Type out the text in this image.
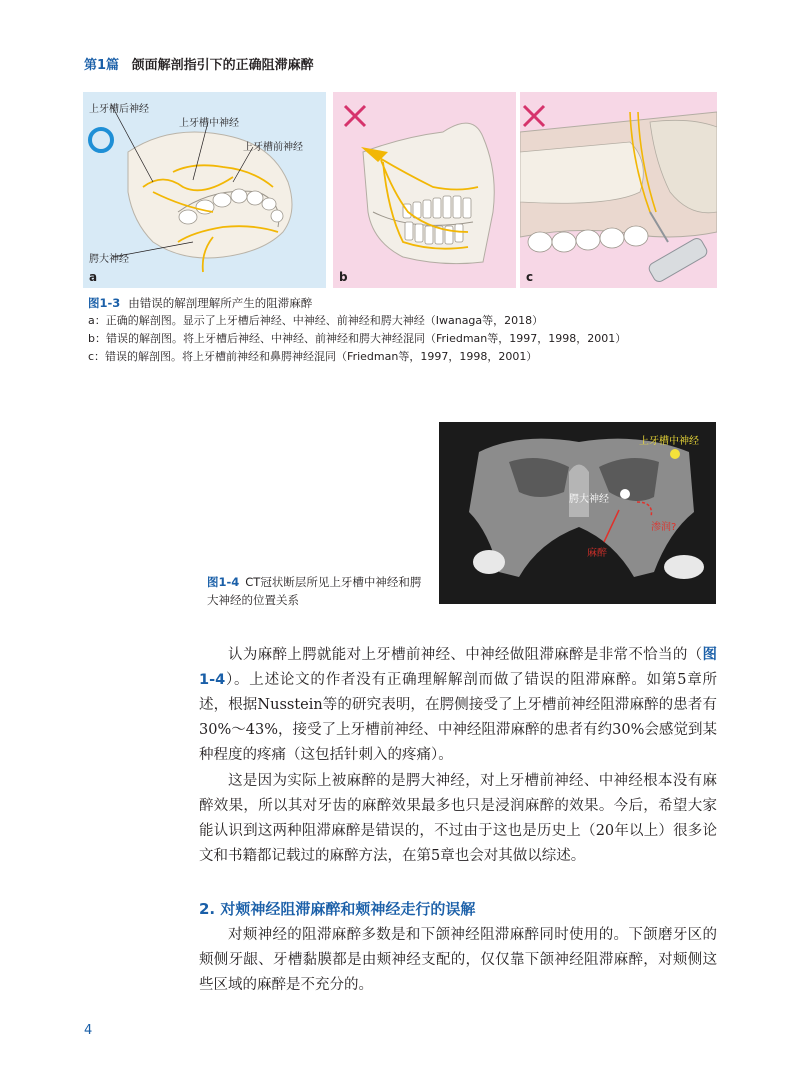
第1篇 颌面解剖指引下的正确阻滞麻醉
上牙槽后神经
上牙槽中神经
上牙槽前神经
腭大神经
a	b	c
图1-3 由错误的解剖理解所产生的阻滞麻醉
a：正确的解剖图。显示了上牙槽后神经、中神经、前神经和腭大神经（Iwanaga等，2018）
b：错误的解剖图。将上牙槽后神经、中神经、前神经和腭大神经混同（Friedman等，1997，1998，2001）
c：错误的解剖图。将上牙槽前神经和鼻腭神经混同（Friedman等，1997，1998，2001）
上牙槽中神经
腭大神经
渗润?
麻醉
图1-4 CT冠状断层所见上牙槽中神经和腭大神经的位置关系

认为麻醉上腭就能对上牙槽前神经、中神经做阻滞麻醉是非常不恰当的（图1-4）。上述论文的作者没有正确理解解剖而做了错误的阻滞麻醉。如第5章所述，根据Nusstein等的研究表明，在腭侧接受了上牙槽前神经阻滞麻醉的患者有30%～43%，接受了上牙槽前神经、中神经阻滞麻醉的患者有约30%会感觉到某种程度的疼痛（这包括针刺入的疼痛）。

这是因为实际上被麻醉的是腭大神经，对上牙槽前神经、中神经根本没有麻醉效果，所以其对牙齿的麻醉效果最多也只是浸润麻醉的效果。今后，希望大家能认识到这两种阻滞麻醉是错误的，不过由于这也是历史上（20年以上）很多论文和书籍都记载过的麻醉方法，在第5章也会对其做以综述。

2. 对颊神经阻滞麻醉和颊神经走行的误解

对颊神经的阻滞麻醉多数是和下颌神经阻滞麻醉同时使用的。下颌磨牙区的颊侧牙龈、牙槽黏膜都是由颊神经支配的，仅仅靠下颌神经阻滞麻醉，对颊侧这些区域的麻醉是不充分的。

4
